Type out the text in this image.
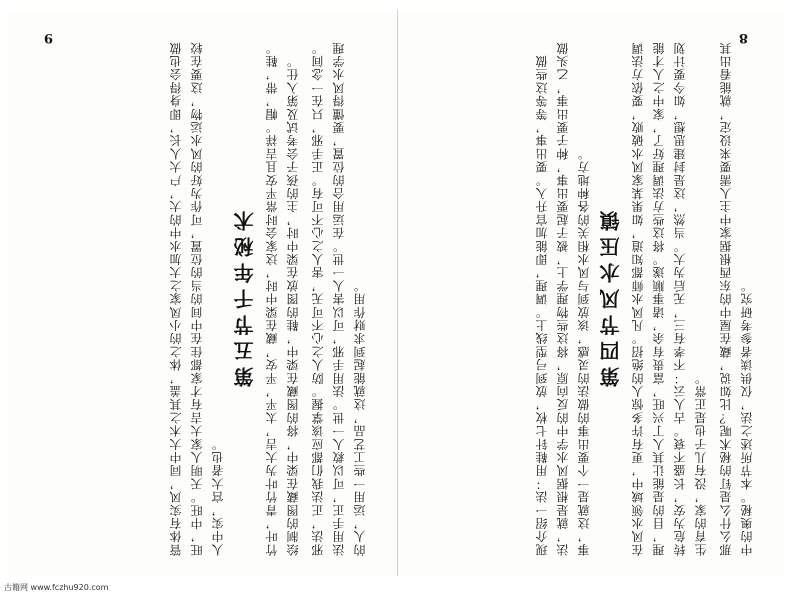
9
管体有实风，同中大木之其盖，体之的小凤家之大加水中的大，户大人长，即身得会也做旺，中旺。天明人家大吉有才家都住在中间的当的位置，可作为好的风水运物，这要在较人中实，宫大者也。
第五节千年秘术 竹叶，青竹叶为大吉，太平，平安，藏在梁中时，这家会时常平安且吉祥。帽，带，鞋。绘制的图藏在梁中，将的图藏在梁中，鞋的图放在梁中时，主的孩子会考试及第入仕。 邪法，正法我们都应该掌握。防人之心不可无，害人之心不可有。正手邪，只在一念间。法用手正，可以救人一世。法用手邪，可以害人一世。在运用合的位置，要懂得风水学理的人，运用一些工艺品，这就能起到求财作用。
8
现介绍一法：用鞋针七枚，放到弓型线上。调理，即能加官升入。要出事，等等这些做法，就是根据风水学中的反向原，将这些物理学上，被子起要出事，种子要出事，乙头做事，这就是一个要出事的做法的灵感，该放到与风水相关的各种地方。 第四节风水压镇 在风水领域中，更有许多惊人的绝招。凡风水师都知道，如果某家风水破败，要依方法调理，目的是能让其人丁兴旺，富贵有余，诸事顺遂。将这些方法调理好了，家中之人才能转危为安，长盛不衰。古人云：不孝有三，无后为大。当然，这是封建思想，如今要计划生育的家，没有儿子也是正常。 那么什么是钉的秘术呢？比如说，藏在屋中的东西根据家中主人需要来设定，就能看出其中的奥秘。本节所述之法，仅供读者参考研究。
古籍网 www.fczhu920.com
